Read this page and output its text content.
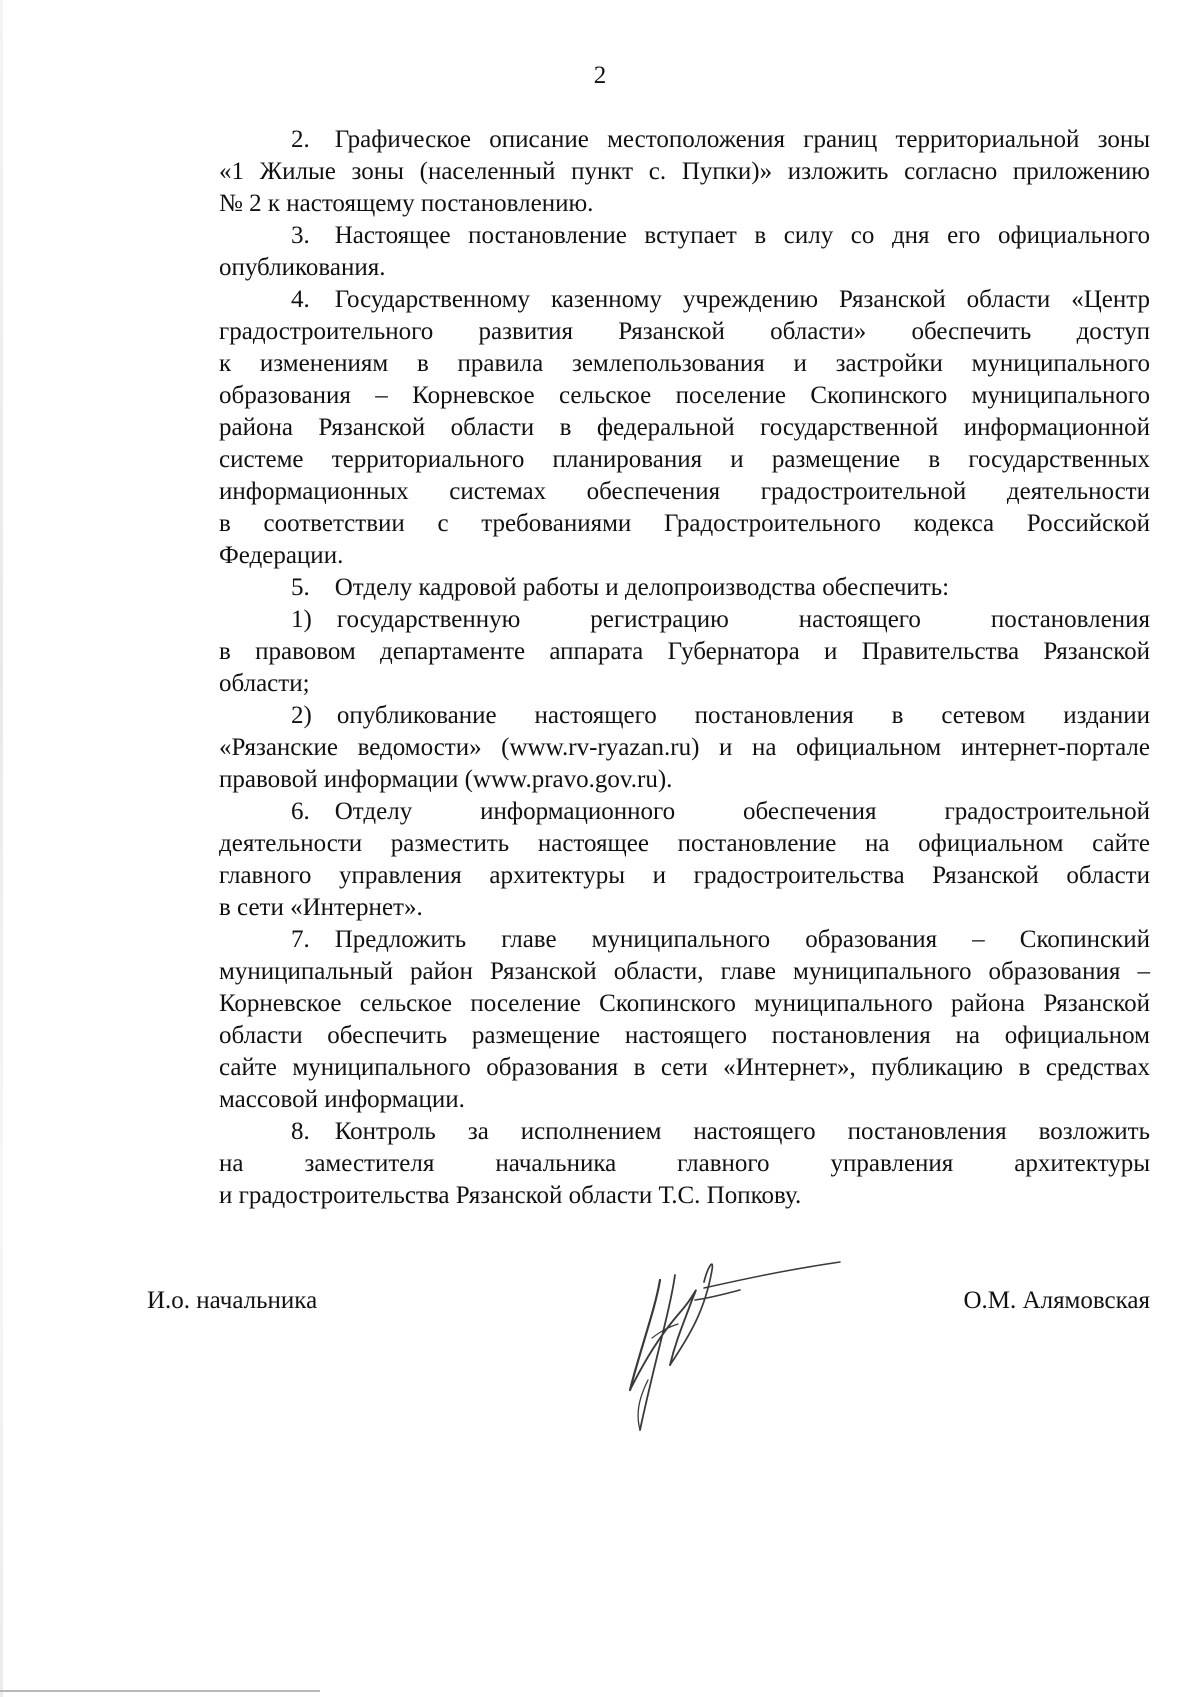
2
2. Графическое описание местоположения границ территориальной зоны
«1 Жилые зоны (населенный пункт с. Пупки)» изложить согласно приложению
№ 2 к настоящему постановлению.
3. Настоящее постановление вступает в силу со дня его официального
опубликования.
4. Государственному казенному учреждению Рязанской области «Центр
градостроительного развития Рязанской области» обеспечить доступ
к изменениям в правила землепользования и застройки муниципального
образования – Корневское сельское поселение Скопинского муниципального
района Рязанской области в федеральной государственной информационной
системе территориального планирования и размещение в государственных
информационных системах обеспечения градостроительной деятельности
в соответствии с требованиями Градостроительного кодекса Российской
Федерации.
5. Отделу кадровой работы и делопроизводства обеспечить:
1) государственную регистрацию настоящего постановления
в правовом департаменте аппарата Губернатора и Правительства Рязанской
области;
2) опубликование настоящего постановления в сетевом издании
«Рязанские ведомости» (www.rv-ryazan.ru) и на официальном интернет-портале
правовой информации (www.pravo.gov.ru).
6. Отделу информационного обеспечения градостроительной
деятельности разместить настоящее постановление на официальном сайте
главного управления архитектуры и градостроительства Рязанской области
в сети «Интернет».
7. Предложить главе муниципального образования – Скопинский
муниципальный район Рязанской области, главе муниципального образования –
Корневское сельское поселение Скопинского муниципального района Рязанской
области обеспечить размещение настоящего постановления на официальном
сайте муниципального образования в сети «Интернет», публикацию в средствах
массовой информации.
8. Контроль за исполнением настоящего постановления возложить
на заместителя начальника главного управления архитектуры
и градостроительства Рязанской области Т.С. Попкову.
И.о. начальника	О.М. Алямовская
